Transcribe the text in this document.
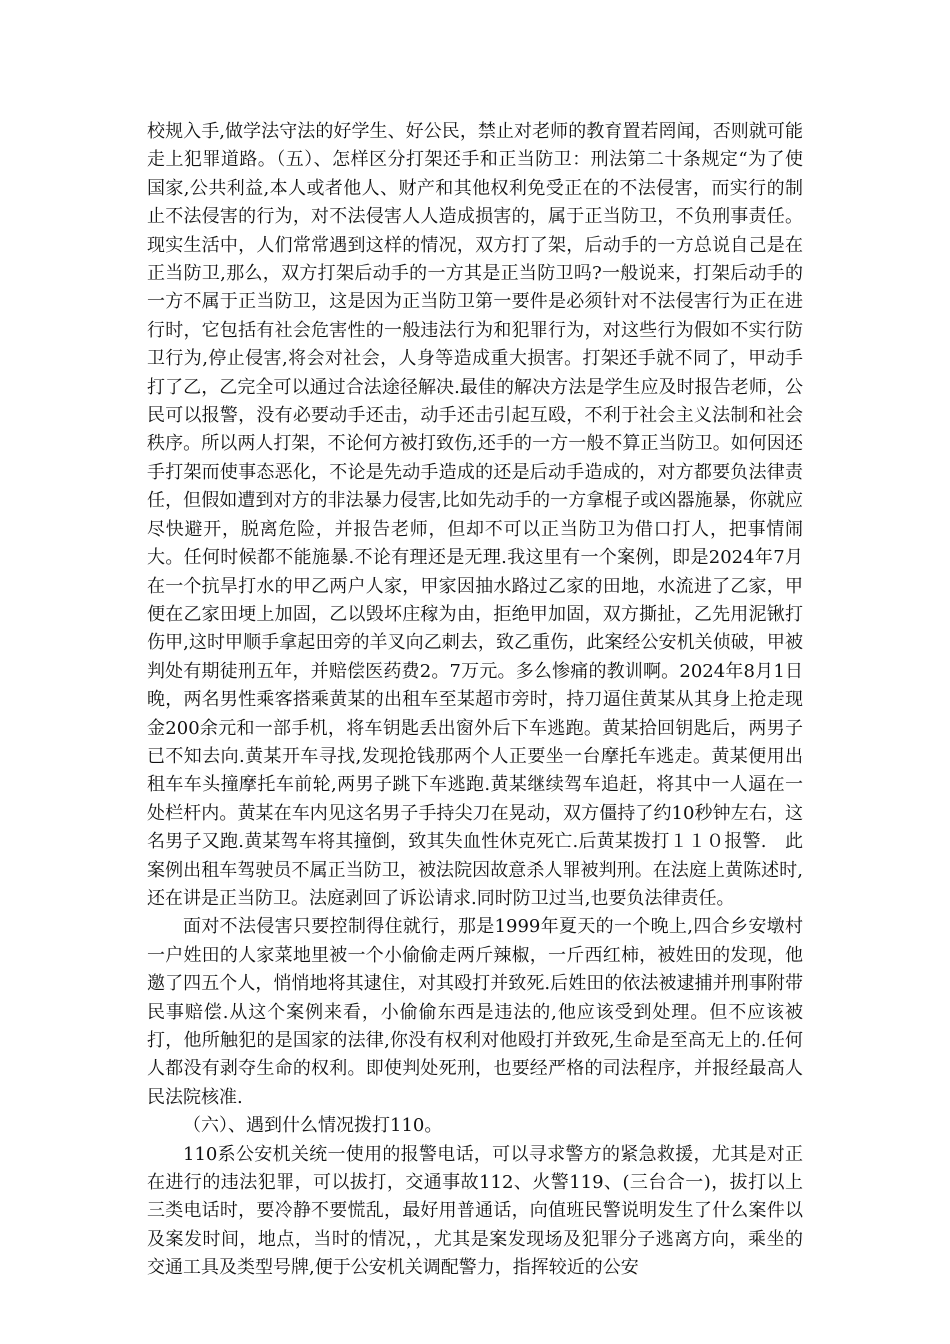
校规入手,做学法守法的好学生、好公民，禁止对老师的教育置若罔闻，否则就可能走上犯罪道路。（五）、怎样区分打架还手和正当防卫：刑法第二十条规定“为了使国家,公共利益,本人或者他人、财产和其他权利免受正在的不法侵害，而实行的制止不法侵害的行为，对不法侵害人人造成损害的，属于正当防卫，不负刑事责任。现实生活中，人们常常遇到这样的情况，双方打了架，后动手的一方总说自己是在正当防卫,那么，双方打架后动手的一方其是正当防卫吗?一般说来，打架后动手的一方不属于正当防卫，这是因为正当防卫第一要件是必须针对不法侵害行为正在进行时，它包括有社会危害性的一般违法行为和犯罪行为，对这些行为假如不实行防卫行为,停止侵害,将会对社会，人身等造成重大损害。打架还手就不同了，甲动手打了乙，乙完全可以通过合法途径解决.最佳的解决方法是学生应及时报告老师，公民可以报警，没有必要动手还击，动手还击引起互殴，不利于社会主义法制和社会秩序。所以两人打架，不论何方被打致伤,还手的一方一般不算正当防卫。如何因还手打架而使事态恶化，不论是先动手造成的还是后动手造成的，对方都要负法律责任，但假如遭到对方的非法暴力侵害,比如先动手的一方拿棍子或凶器施暴，你就应尽快避开，脱离危险，并报告老师，但却不可以正当防卫为借口打人，把事情闹大。任何时候都不能施暴.不论有理还是无理.我这里有一个案例，即是2024年7月在一个抗旱打水的甲乙两户人家，甲家因抽水路过乙家的田地，水流进了乙家，甲便在乙家田埂上加固，乙以毁坏庄稼为由，拒绝甲加固，双方撕扯，乙先用泥锹打伤甲,这时甲顺手拿起田旁的羊叉向乙刺去，致乙重伤，此案经公安机关侦破，甲被判处有期徒刑五年，并赔偿医药费2。7万元。多么惨痛的教训啊。2024年8月1日晚，两名男性乘客搭乘黄某的出租车至某超市旁时，持刀逼住黄某从其身上抢走现金200余元和一部手机，将车钥匙丢出窗外后下车逃跑。黄某拾回钥匙后，两男子已不知去向.黄某开车寻找,发现抢钱那两个人正要坐一台摩托车逃走。黄某便用出租车车头撞摩托车前轮,两男子跳下车逃跑.黄某继续驾车追赶，将其中一人逼在一处栏杆内。黄某在车内见这名男子手持尖刀在晃动，双方僵持了约10秒钟左右，这名男子又跑.黄某驾车将其撞倒，致其失血性休克死亡.后黄某拨打１１０报警.　此案例出租车驾驶员不属正当防卫，被法院因故意杀人罪被判刑。在法庭上黄陈述时,还在讲是正当防卫。法庭剥回了诉讼请求.同时防卫过当,也要负法律责任。

面对不法侵害只要控制得住就行，那是1999年夏天的一个晚上,四合乡安墩村一户姓田的人家菜地里被一个小偷偷走两斤辣椒，一斤西红柿，被姓田的发现，他邀了四五个人，悄悄地将其逮住，对其殴打并致死.后姓田的依法被逮捕并刑事附带民事赔偿.从这个案例来看，小偷偷东西是违法的,他应该受到处理。但不应该被打，他所触犯的是国家的法律,你没有权利对他殴打并致死,生命是至高无上的.任何人都没有剥夺生命的权利。即使判处死刑，也要经严格的司法程序，并报经最高人民法院核准.

（六）、遇到什么情况拨打110。

110系公安机关统一使用的报警电话，可以寻求警方的紧急救援，尤其是对正在进行的违法犯罪，可以拔打，交通事故112、火警119、(三台合一)，拔打以上三类电话时，要冷静不要慌乱，最好用普通话，向值班民警说明发生了什么案件以及案发时间，地点，当时的情况，，尤其是案发现场及犯罪分子逃离方向，乘坐的交通工具及类型号牌,便于公安机关调配警力，指挥较近的公安
